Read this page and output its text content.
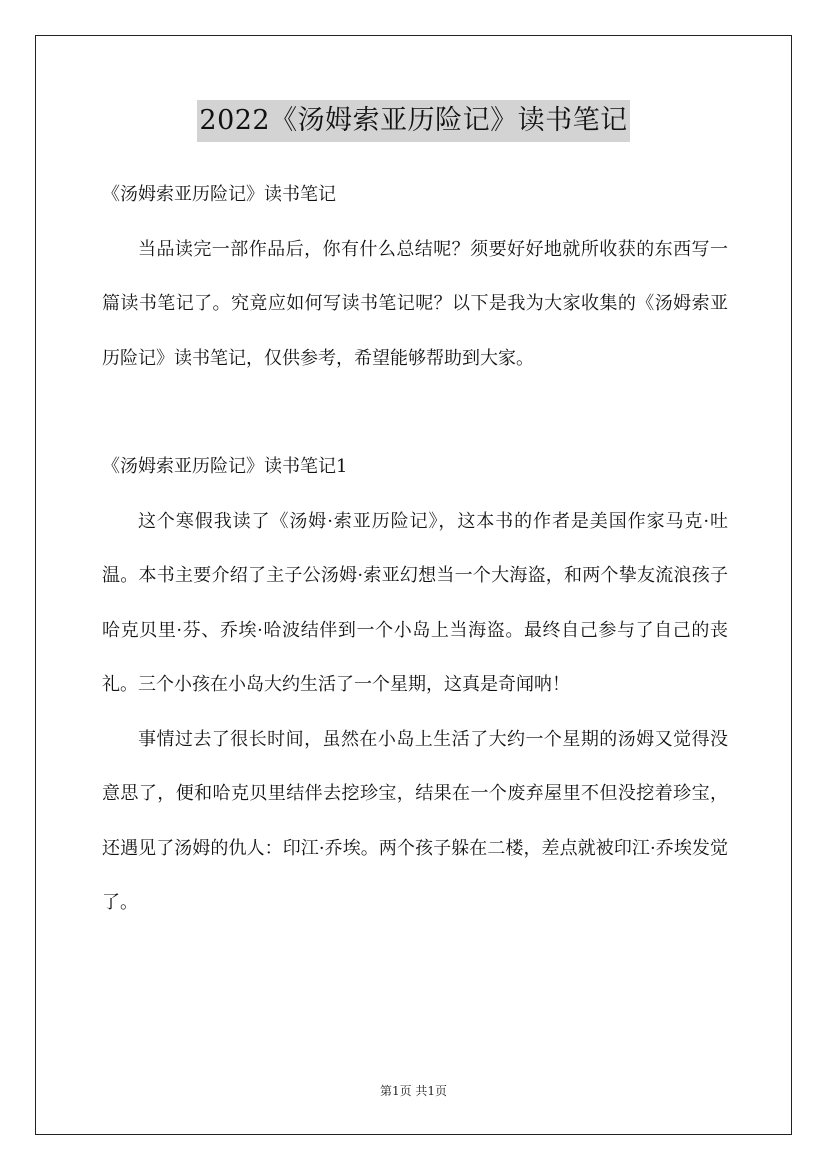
2022《汤姆索亚历险记》读书笔记

《汤姆索亚历险记》读书笔记

当品读完一部作品后，你有什么总结呢？须要好好地就所收获的东西写一篇读书笔记了。究竟应如何写读书笔记呢？以下是我为大家收集的《汤姆索亚历险记》读书笔记，仅供参考，希望能够帮助到大家。

《汤姆索亚历险记》读书笔记1

这个寒假我读了《汤姆·索亚历险记》，这本书的作者是美国作家马克·吐温。本书主要介绍了主子公汤姆·索亚幻想当一个大海盗，和两个挚友流浪孩子哈克贝里·芬、乔埃·哈波结伴到一个小岛上当海盗。最终自己参与了自己的丧礼。三个小孩在小岛大约生活了一个星期，这真是奇闻呐！

事情过去了很长时间，虽然在小岛上生活了大约一个星期的汤姆又觉得没意思了，便和哈克贝里结伴去挖珍宝，结果在一个废弃屋里不但没挖着珍宝，还遇见了汤姆的仇人：印江·乔埃。两个孩子躲在二楼，差点就被印江·乔埃发觉了。

第1页 共1页
